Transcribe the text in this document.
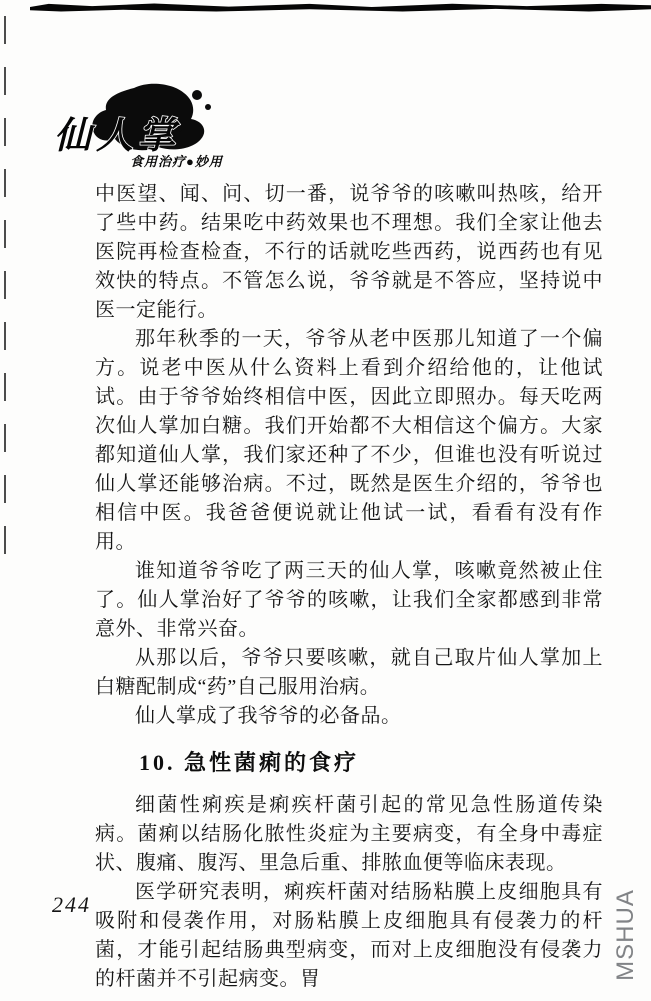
仙人掌
食用治疗●妙用

中医望、闻、问、切一番，说爷爷的咳嗽叫热咳，给开了些中药。结果吃中药效果也不理想。我们全家让他去医院再检查检查，不行的话就吃些西药，说西药也有见效快的特点。不管怎么说，爷爷就是不答应，坚持说中医一定能行。

那年秋季的一天，爷爷从老中医那儿知道了一个偏方。说老中医从什么资料上看到介绍给他的，让他试试。由于爷爷始终相信中医，因此立即照办。每天吃两次仙人掌加白糖。我们开始都不大相信这个偏方。大家都知道仙人掌，我们家还种了不少，但谁也没有听说过仙人掌还能够治病。不过，既然是医生介绍的，爷爷也相信中医。我爸爸便说就让他试一试，看看有没有作用。

谁知道爷爷吃了两三天的仙人掌，咳嗽竟然被止住了。仙人掌治好了爷爷的咳嗽，让我们全家都感到非常意外、非常兴奋。

从那以后，爷爷只要咳嗽，就自己取片仙人掌加上白糖配制成“药”自己服用治病。

仙人掌成了我爷爷的必备品。

10. 急性菌痢的食疗

细菌性痢疾是痢疾杆菌引起的常见急性肠道传染病。菌痢以结肠化脓性炎症为主要病变，有全身中毒症状、腹痛、腹泻、里急后重、排脓血便等临床表现。

医学研究表明，痢疾杆菌对结肠粘膜上皮细胞具有吸附和侵袭作用，对肠粘膜上皮细胞具有侵袭力的杆菌，才能引起结肠典型病变，而对上皮细胞没有侵袭力的杆菌并不引起病变。胃

244	MSHUA
